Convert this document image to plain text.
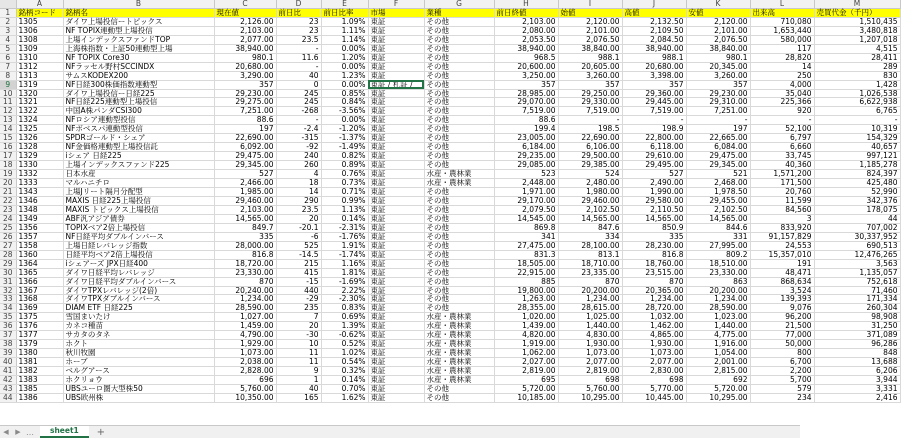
	A	B	C	D	E	F	G	H	I	J	K	L	M
1	銘柄コード	銘柄名	現在値	前日比	前日比率	市場	業種	前日終値	始値	高値	安値	出来高	売買代金（千円）
2	1305	ダイワ上場投信ートピックス	2,126.00	23	1.09%	東証	その他	2,103.00	2,120.00	2,132.50	2,120.00	710,080	1,510,435
3	1306	NF TOPIX連動型上場投信	2,103.00	23	1.11%	東証	その他	2,080.00	2,101.00	2,109.50	2,101.00	1,653,440	3,480,818
4	1308	上場インデックスファンドTOP	2,077.00	23.5	1.14%	東証	その他	2,053.50	2,076.50	2,084.50	2,076.50	580,000	1,207,018
5	1309	上海株指数・上証50連動型上場	38,940.00	-	0.00%	東証	その他	38,940.00	38,840.00	38,940.00	38,840.00	117	4,515
6	1310	NF TOPIX Core30	980.1	11.6	1.20%	東証	その他	968.5	988.1	988.1	980.1	28,820	28,411
7	1312	NFラッセル野村SCCINDX	20,680.00	-	0.00%	東証	その他	20,600.00	20,605.00	20,680.00	20,345.00	14	289
8	1313	サムスKODEX200	3,290.00	40	1.23%	東証	その他	3,250.00	3,260.00	3,398.00	3,260.00	250	830
9	1319	NF日経300株価指数連動型	357	0	0.00%	東証 / 札証 /	その他	357	357	357	357	4,000	1,428
10	1320	ダイワ上場投信ー日経225	29,230.00	245	0.85%	東証	その他	28,985.00	29,250.00	29,360.00	29,230.00	35,040	1,026,538
11	1321	NF日経225連動型上場投信	29,275.00	245	0.84%	東証	その他	29,070.00	29,330.00	29,445.00	29,310.00	225,366	6,622,938
12	1322	中国A株パンダCSI300	7,251.00	-268	-3.56%	東証	その他	7,519.00	7,519.00	7,519.00	7,251.00	920	6,765
13	1324	NFロシア連動型投信	88.6	-	0.00%	東証	その他	88.6	-	-	-	-	-
14	1325	NFボベスパ連動型投信	197	-2.4	-1.20%	東証	その他	199.4	198.5	198.9	197	52,100	10,319
15	1326	SPDRゴールド・シェア	22,690.00	-315	-1.37%	東証	その他	23,005.00	22,690.00	22,800.00	22,665.00	6,797	154,329
16	1328	NF金価格連動型上場投信託	6,092.00	-92	-1.49%	東証	その他	6,184.00	6,106.00	6,118.00	6,084.00	6,660	40,657
17	1329	iシェア 日経225	29,475.00	240	0.82%	東証	その他	29,235.00	29,500.00	29,610.00	29,475.00	33,745	997,121
18	1330	上場インデックスファンド225	29,345.00	260	0.89%	東証	その他	29,085.00	29,385.00	29,495.00	29,345.00	40,360	1,185,278
19	1332	日本水産	527	4	0.76%	東証	水産・農林業	523	524	527	521	1,571,200	824,397
20	1333	マルハニチロ	2,466.00	18	0.73%	東証	水産・農林業	2,448.00	2,480.00	2,490.00	2,468.00	171,500	425,480
21	1343	上場Jリート隔月分配型	1,985.00	14	0.71%	東証	その他	1,971.00	1,980.00	1,990.00	1,978.50	20,760	52,990
22	1346	MAXIS 日経225上場投信	29,460.00	290	0.99%	東証	その他	29,170.00	29,460.00	29,580.00	29,455.00	11,599	342,376
23	1348	MAXIS トピックス上場投信	2,103.00	23.5	1.13%	東証	その他	2,079.50	2,102.50	2,110.50	2,102.50	84,560	178,075
24	1349	ABF汎アジア債券	14,565.00	20	0.14%	東証	その他	14,545.00	14,565.00	14,565.00	14,565.00	3	44
25	1356	TOPIXベア2倍上場投信	849.7	-20.1	-2.31%	東証	その他	869.8	847.6	850.9	844.6	833,920	707,002
26	1357	NF日経平均ダブルインバース	335	-6	-1.76%	東証	その他	341	334	335	331	91,157,829	30,337,952
27	1358	上場日経レバレッジ指数	28,000.00	525	1.91%	東証	その他	27,475.00	28,100.00	28,230.00	27,995.00	24,553	690,513
28	1360	日経平均ベア2倍上場投信	816.8	-14.5	-1.74%	東証	その他	831.3	813.1	816.8	809.2	15,357,010	12,476,265
29	1364	iシェアーズ JPX日経400	18,720.00	215	1.16%	東証	その他	18,505.00	18,710.00	18,760.00	18,510.00	191	3,563
30	1365	ダイワ日経平均レバレッジ	23,330.00	415	1.81%	東証	その他	22,915.00	23,335.00	23,515.00	23,330.00	48,471	1,135,057
31	1366	ダイワ日経平均ダブルインバース	870	-15	-1.69%	東証	その他	885	870	870	863	868,634	752,618
32	1367	ダイワTPXレバレッジ(2倍)	20,240.00	440	2.22%	東証	その他	19,800.00	20,200.00	20,365.00	20,200.00	3,524	71,460
33	1368	ダイワTPXダブルインバース	1,234.00	-29	-2.30%	東証	その他	1,263.00	1,234.00	1,234.00	1,234.00	139,393	171,334
34	1369	DIAM ETF 日経225	28,590.00	235	0.83%	東証	その他	28,355.00	28,615.00	28,720.00	28,590.00	9,076	260,304
35	1375	雪国まいたけ	1,027.00	7	0.69%	東証	水産・農林業	1,020.00	1,025.00	1,032.00	1,023.00	96,200	98,908
36	1376	カネコ種苗	1,459.00	20	1.39%	東証	水産・農林業	1,439.00	1,440.00	1,462.00	1,440.00	21,500	31,250
37	1377	サカタのタネ	4,790.00	-30	-0.62%	東証	水産・農林業	4,820.00	4,830.00	4,865.00	4,775.00	77,000	371,089
38	1379	ホクト	1,929.00	10	0.52%	東証	水産・農林業	1,919.00	1,930.00	1,930.00	1,916.00	50,000	96,286
39	1380	秋川牧園	1,073.00	11	1.02%	東証	水産・農林業	1,062.00	1,073.00	1,073.00	1,054.00	800	848
40	1381	ホーブ	2,038.00	11	0.54%	東証	水産・農林業	2,027.00	2,077.00	2,077.00	2,001.00	6,700	13,688
41	1382	ベルグアース	2,828.00	9	0.32%	東証	水産・農林業	2,819.00	2,819.00	2,830.00	2,815.00	2,200	6,206
42	1383	ホクリョウ	696	1	0.14%	東証	水産・農林業	695	698	698	692	5,700	3,944
43	1385	UBSユーロ圏大型株50	5,760.00	40	0.70%	東証	その他	5,720.00	5,760.00	5,770.00	5,720.00	579	3,331
44	1386	UBS欧州株	10,350.00	165	1.62%	東証	その他	10,185.00	10,295.00	10,445.00	10,295.00	234	2,416
◀ ▶ …	sheet1	+
